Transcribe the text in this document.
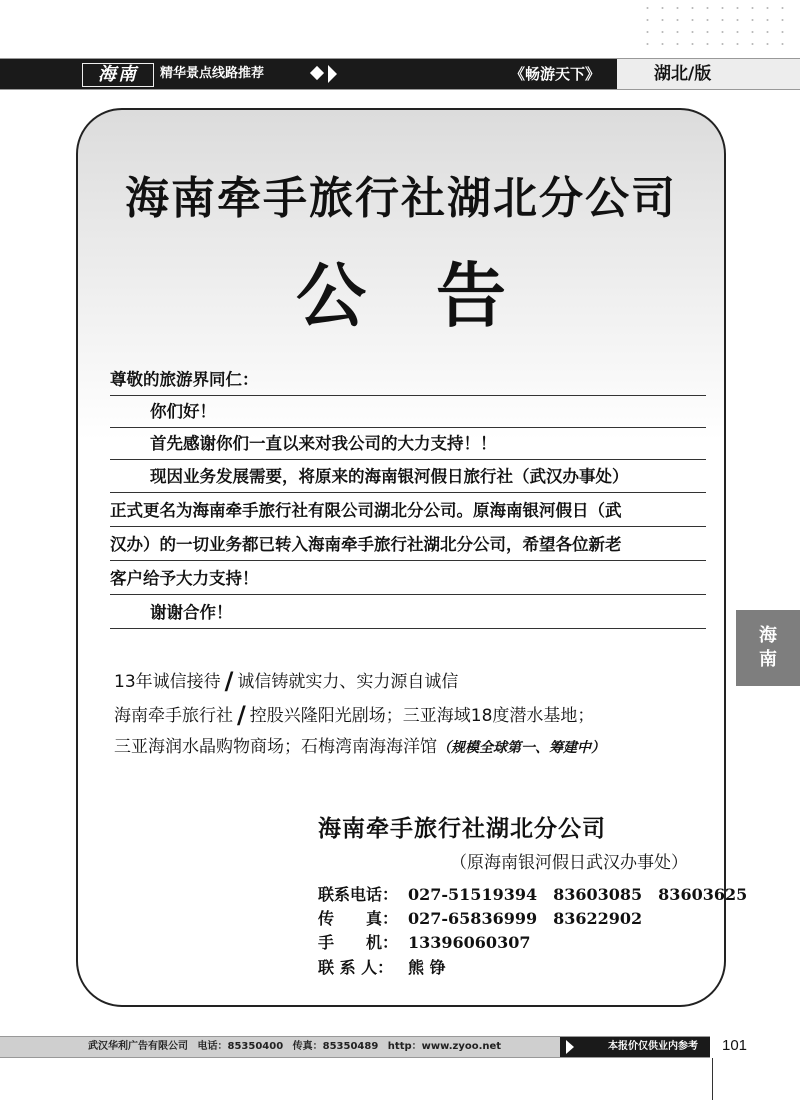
海南	精华景点线路推荐	《畅游天下》	湖北/版
海南牵手旅行社湖北分公司
公告
尊敬的旅游界同仁：
你们好！
首先感谢你们一直以来对我公司的大力支持！！
现因业务发展需要，将原来的海南银河假日旅行社（武汉办事处）
正式更名为海南牵手旅行社有限公司湖北分公司。原海南银河假日（武
汉办）的一切业务都已转入海南牵手旅行社湖北分公司，希望各位新老
客户给予大力支持！
谢谢合作！
13年诚信接待 / 诚信铸就实力、实力源自诚信
海南牵手旅行社 / 控股兴隆阳光剧场；三亚海域18度潜水基地；
三亚海润水晶购物商场；石梅湾南海海洋馆（规模全球第一、筹建中）
海南牵手旅行社湖北分公司
（原海南银河假日武汉办事处）
联系电话： 027-51519394 83603085 83603625
传　　真： 027-65836999 83622902
手　　机： 13396060307
联 系 人： 熊 铮
海
南
武汉华利广告有限公司 电话：85350400 传真：85350489 http：www.zyoo.net	本报价仅供业内参考	101
